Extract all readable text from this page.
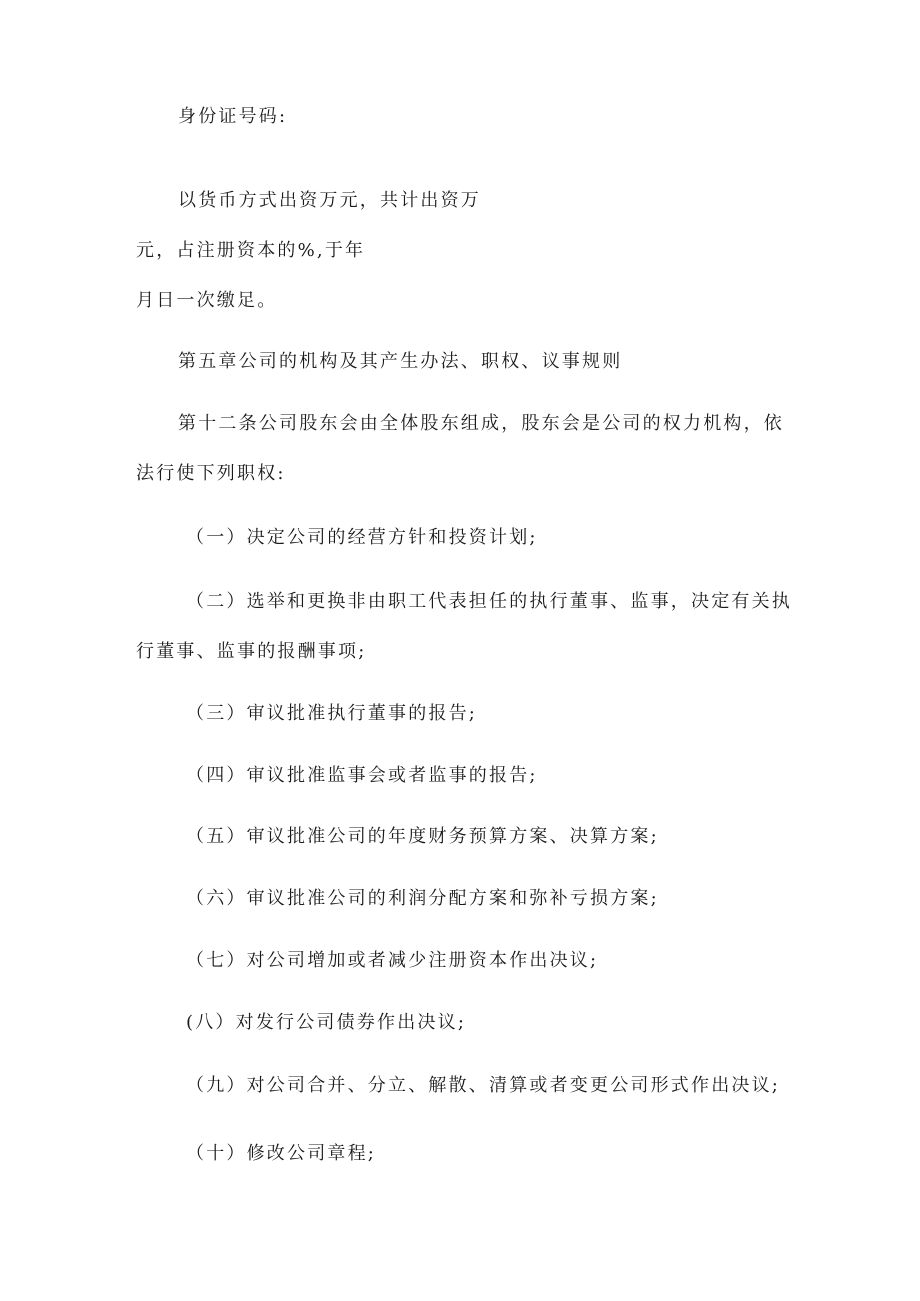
身份证号码:
以货币方式出资万元，共计出资万
元，占注册资本的%,于年
月日一次缴足。
第五章公司的机构及其产生办法、职权、议事规则
第十二条公司股东会由全体股东组成，股东会是公司的权力机构，依
法行使下列职权:
（一）决定公司的经营方针和投资计划;
（二）选举和更换非由职工代表担任的执行董事、监事，决定有关执
行董事、监事的报酬事项;
（三）审议批准执行董事的报告;
（四）审议批准监事会或者监事的报告;
（五）审议批准公司的年度财务预算方案、决算方案;
（六）审议批准公司的利润分配方案和弥补亏损方案;
（七）对公司增加或者减少注册资本作出决议;
(八）对发行公司债券作出决议;
（九）对公司合并、分立、解散、清算或者变更公司形式作出决议;
（十）修改公司章程;
